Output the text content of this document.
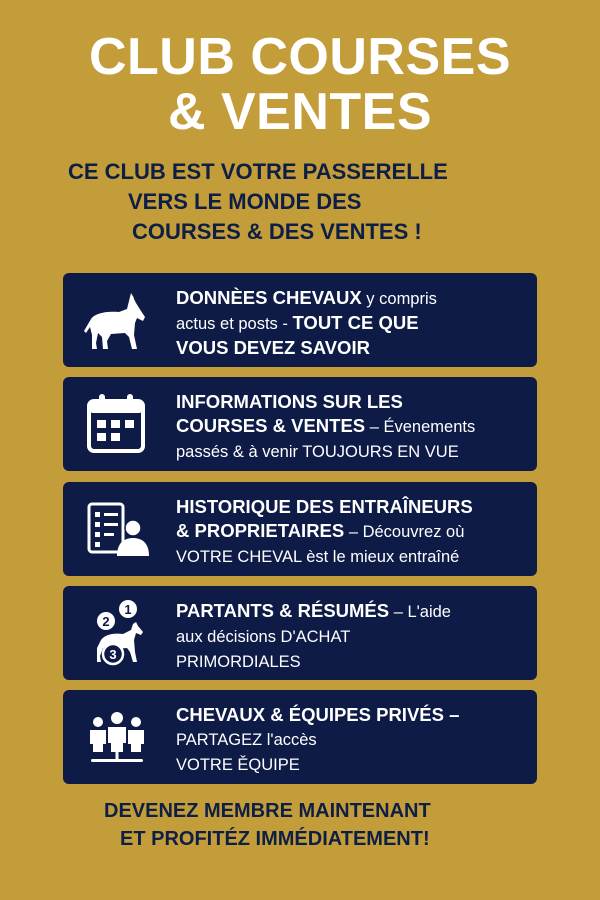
CLUB COURSES
& VENTES
CE CLUB EST VOTRE PASSERELLE
VERS LE MONDE DES
COURSES & DES VENTES !
DONNÈES CHEVAUX y compris
actus et posts - TOUT CE QUE
VOUS DEVEZ SAVOIR
INFORMATIONS SUR LES
COURSES & VENTES – Évenements
passés & à venir TOUJOURS EN VUE
HISTORIQUE DES ENTRAÎNEURS
& PROPRIETAIRES – Découvrez où
VOTRE CHEVAL èst le mieux entraîné
1
2
3
PARTANTS & RÉSUMÉS – L'aide
aux décisions D'ACHAT
PRIMORDIALES
CHEVAUX & ÉQUIPES PRIVÉS –
PARTAGEZ l'accès
VOTRE ĚQUIPE
DEVENEZ MEMBRE MAINTENANT
ET PROFITÉZ IMMÉDIATEMENT!
